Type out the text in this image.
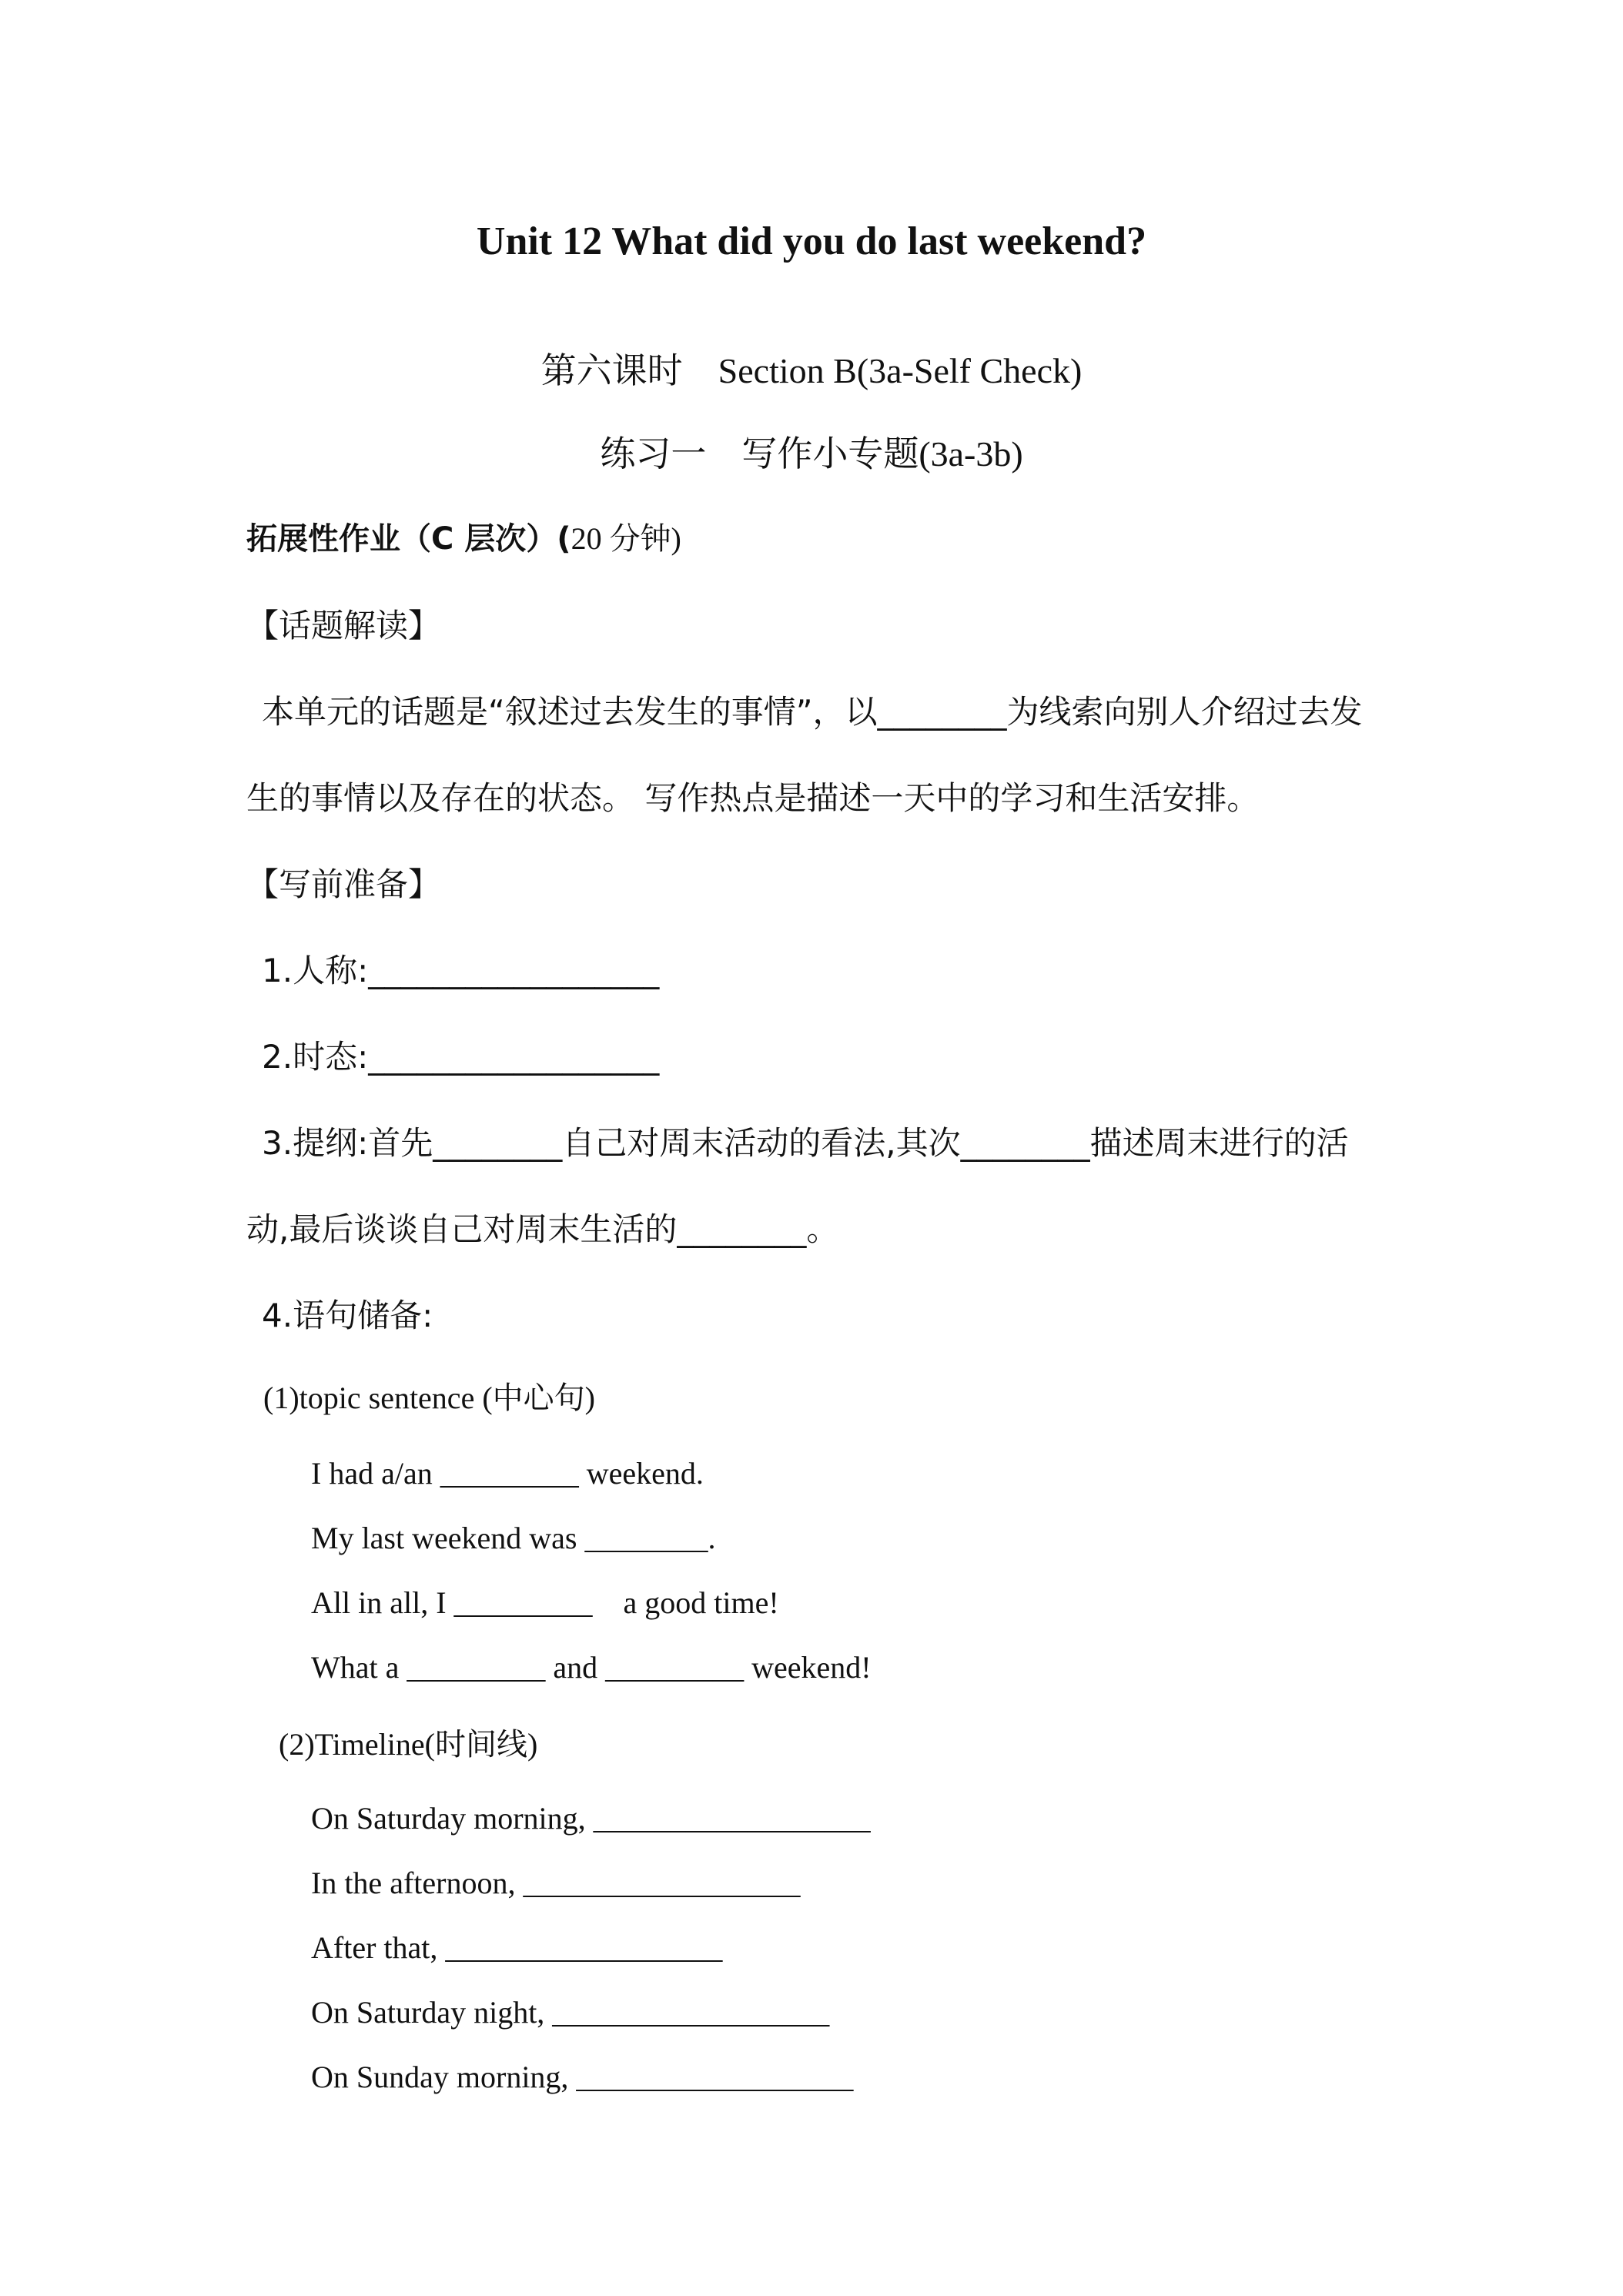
Unit 12 What did you do last weekend?
第六课时 Section B(3a-Self Check)
练习一　写作小专题(3a-3b)
拓展性作业（C 层次）(20 分钟)
【话题解读】
本单元的话题是“叙述过去发生的事情”，以________为线索向别人介绍过去发
生的事情以及存在的状态。 写作热点是描述一天中的学习和生活安排。
【写前准备】
1.人称:__________________
2.时态:__________________
3.提纲:首先________自己对周末活动的看法,其次________描述周末进行的活
动,最后谈谈自己对周末生活的________。
4.语句储备:
(1)topic sentence (中心句)
I had a/an _________ weekend.
My last weekend was ________.
All in all, I _________    a good time!
What a _________ and _________ weekend!
(2)Timeline(时间线)
On Saturday morning, __________________
In the afternoon, __________________
After that, __________________
On Saturday night, __________________
On Sunday morning, __________________
